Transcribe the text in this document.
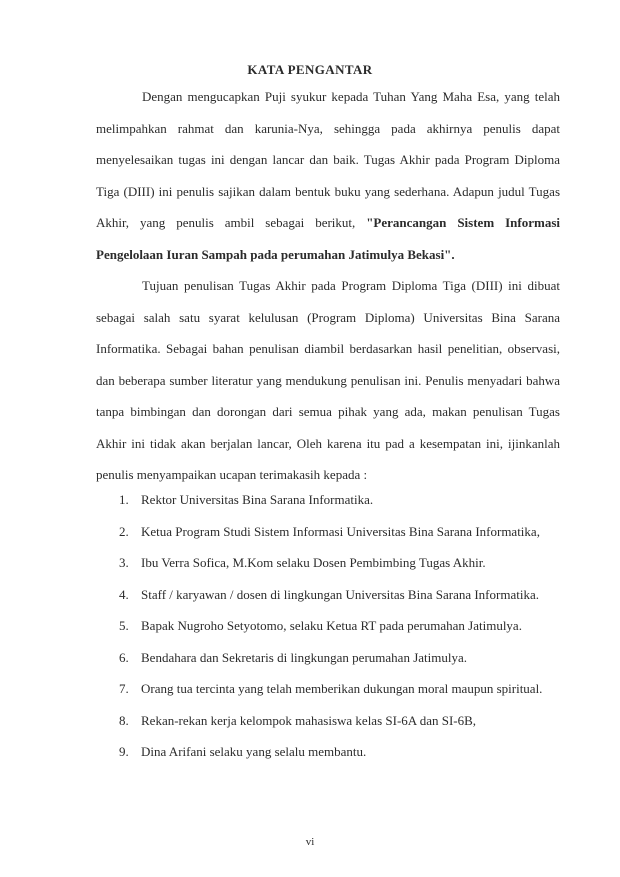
KATA PENGANTAR

Dengan mengucapkan Puji syukur kepada Tuhan Yang Maha Esa, yang telah melimpahkan rahmat dan karunia-Nya, sehingga pada akhirnya penulis dapat menyelesaikan tugas ini dengan lancar dan baik. Tugas Akhir pada Program Diploma Tiga (DIII) ini penulis sajikan dalam bentuk buku yang sederhana. Adapun judul Tugas Akhir, yang penulis ambil sebagai berikut, "Perancangan Sistem Informasi Pengelolaan Iuran Sampah pada perumahan Jatimulya Bekasi".

Tujuan penulisan Tugas Akhir pada Program Diploma Tiga (DIII) ini dibuat sebagai salah satu syarat kelulusan (Program Diploma) Universitas Bina Sarana Informatika. Sebagai bahan penulisan diambil berdasarkan hasil penelitian, observasi, dan beberapa sumber literatur yang mendukung penulisan ini. Penulis menyadari bahwa tanpa bimbingan dan dorongan dari semua pihak yang ada, makan penulisan Tugas Akhir ini tidak akan berjalan lancar, Oleh karena itu pad a kesempatan ini, ijinkanlah penulis menyampaikan ucapan terimakasih kepada :

1. Rektor Universitas Bina Sarana Informatika.
2. Ketua Program Studi Sistem Informasi Universitas Bina Sarana Informatika,
3. Ibu Verra Sofica, M.Kom selaku Dosen Pembimbing Tugas Akhir.
4. Staff / karyawan / dosen di lingkungan Universitas Bina Sarana Informatika.
5. Bapak Nugroho Setyotomo, selaku Ketua RT pada perumahan Jatimulya.
6. Bendahara dan Sekretaris di lingkungan perumahan Jatimulya.
7. Orang tua tercinta yang telah memberikan dukungan moral maupun spiritual.
8. Rekan-rekan kerja kelompok mahasiswa kelas SI-6A dan SI-6B,
9. Dina Arifani selaku yang selalu membantu.

vi
